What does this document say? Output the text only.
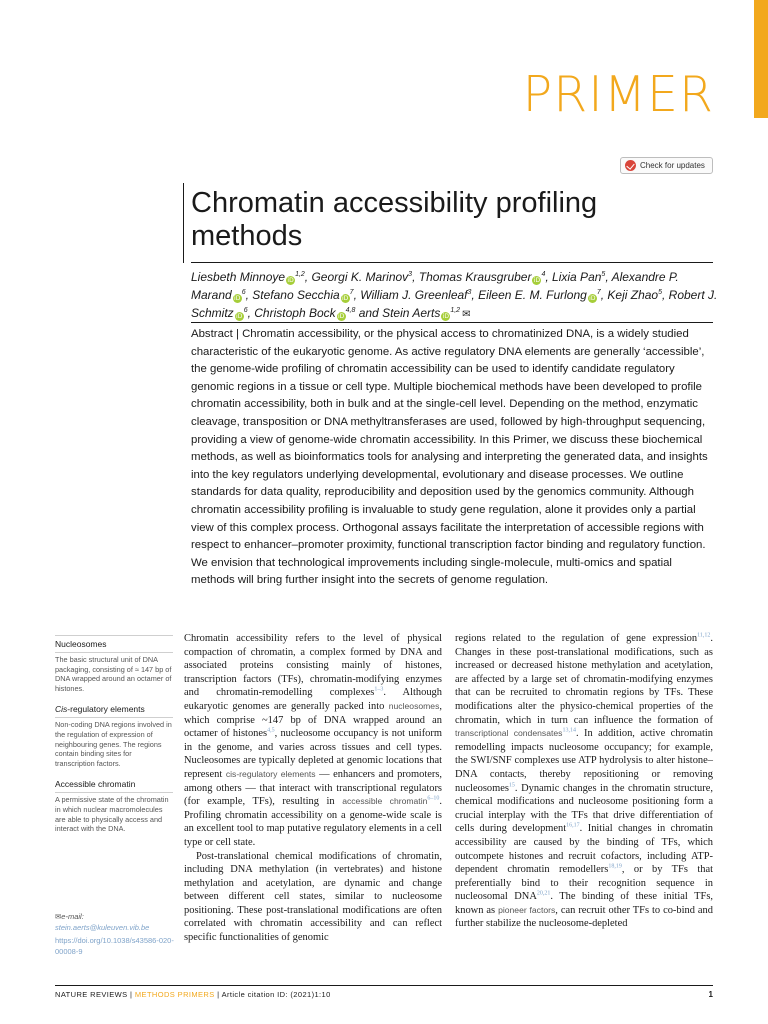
PRIMER
Check for updates
Chromatin accessibility profiling methods
Liesbeth Minnoye iD$^{1,2}$, Georgi K. Marinov$^3$, Thomas Krausgruber $iD^4$, Lixia Pan$^5$, Alexandre P. Marand $iD^6$, Stefano Secchia $iD^7$, William J. Greenleaf$^3$, Eileen E. M. Furlong $iD^7$, Keji Zhao$^5$, Robert J. Schmitz $iD^6$, Christoph Bock iD$^{4,8}$ and Stein Aerts iD$^{1,2}$ ✉
Abstract | Chromatin accessibility, or the physical access to chromatinized DNA, is a widely studied characteristic of the eukaryotic genome. As active regulatory DNA elements are generally ‘accessible’, the genome-wide profiling of chromatin accessibility can be used to identify candidate regulatory genomic regions in a tissue or cell type. Multiple biochemical methods have been developed to profile chromatin accessibility, both in bulk and at the single-cell level. Depending on the method, enzymatic cleavage, transposition or DNA methyltransferases are used, followed by high-throughput sequencing, providing a view of genome-wide chromatin accessibility. In this Primer, we discuss these biochemical methods, as well as bioinformatics tools for analysing and interpreting the generated data, and insights into the key regulators underlying developmental, evolutionary and disease processes. We outline standards for data quality, reproducibility and deposition used by the genomics community. Although chromatin accessibility profiling is invaluable to study gene regulation, alone it provides only a partial view of this complex process. Orthogonal assays facilitate the interpretation of accessible regions with respect to enhancer–promoter proximity, functional transcription factor binding and regulatory function. We envision that technological improvements including single-molecule, multi-omics and spatial methods will bring further insight into the secrets of genome regulation.
Nucleosomes
The basic structural unit of DNA packaging, consisting of ≈ 147 bp of DNA wrapped around an octamer of histones.
Cis-regulatory elements
Non-coding DNA regions involved in the regulation of expression of neighbouring genes. The regions contain binding sites for transcription factors.
Accessible chromatin
A permissive state of the chromatin in which nuclear macromolecules are able to physically access and interact with the DNA.
✉e-mail: stein.aerts@kuleuven.vib.be
https://doi.org/10.1038/s43586-020-00008-9

Chromatin accessibility refers to the level of physical compaction of chromatin, a complex formed by DNA and associated proteins consisting mainly of histones, transcription factors (TFs), chromatin-modifying enzymes and chromatin-remodelling complexes$^{1-3}$. Although eukaryotic genomes are generally packed into nucleosomes, which comprise ~147 bp of DNA wrapped around an octamer of histones$^{4,5}$, nucleosome occupancy is not uniform in the genome, and varies across tissues and cell types. Nucleosomes are typically depleted at genomic locations that represent cis-regulatory elements — enhancers and promoters, among others — that interact with transcriptional regulators (for example, TFs), resulting in accessible chromatin$^{6-10}$. Profiling chromatin accessibility on a genome-wide scale is an excellent tool to map putative regulatory elements in a cell type or cell state.

Post-translational chemical modifications of chromatin, including DNA methylation (in vertebrates) and histone methylation and acetylation, are dynamic and change between different cell states, similar to nucleosome positioning. These post-translational modifications are often correlated with chromatin accessibility and can reflect specific functionalities of genomic

regions related to the regulation of gene expression$^{11,12}$. Changes in these post-translational modifications, such as increased or decreased histone methylation and acetylation, are affected by a large set of chromatin-modifying enzymes that can be recruited to chromatin regions by TFs. These modifications alter the physico-chemical properties of the chromatin, which in turn can influence the formation of transcriptional condensates$^{13,14}$. In addition, active chromatin remodelling impacts nucleosome occupancy; for example, the SWI/SNF complexes use ATP hydrolysis to alter histone–DNA contacts, thereby repositioning or removing nucleosomes$^{15}$. Dynamic changes in the chromatin structure, chemical modifications and nucleosome positioning form a crucial interplay with the TFs that drive differentiation of cells during development$^{16,17}$. Initial changes in chromatin accessibility are caused by the binding of TFs, which outcompete histones and recruit cofactors, including ATP-dependent chromatin remodellers$^{18,19}$, or by TFs that preferentially bind to their recognition sequence in nucleosomal DNA$^{20,21}$. The binding of these initial TFs, known as pioneer factors, can recruit other TFs to co-bind and further stabilize the nucleosome-depleted

NATURE REVIEWS | METHODS PRIMERS | Article citation ID: (2021)1:10	1
